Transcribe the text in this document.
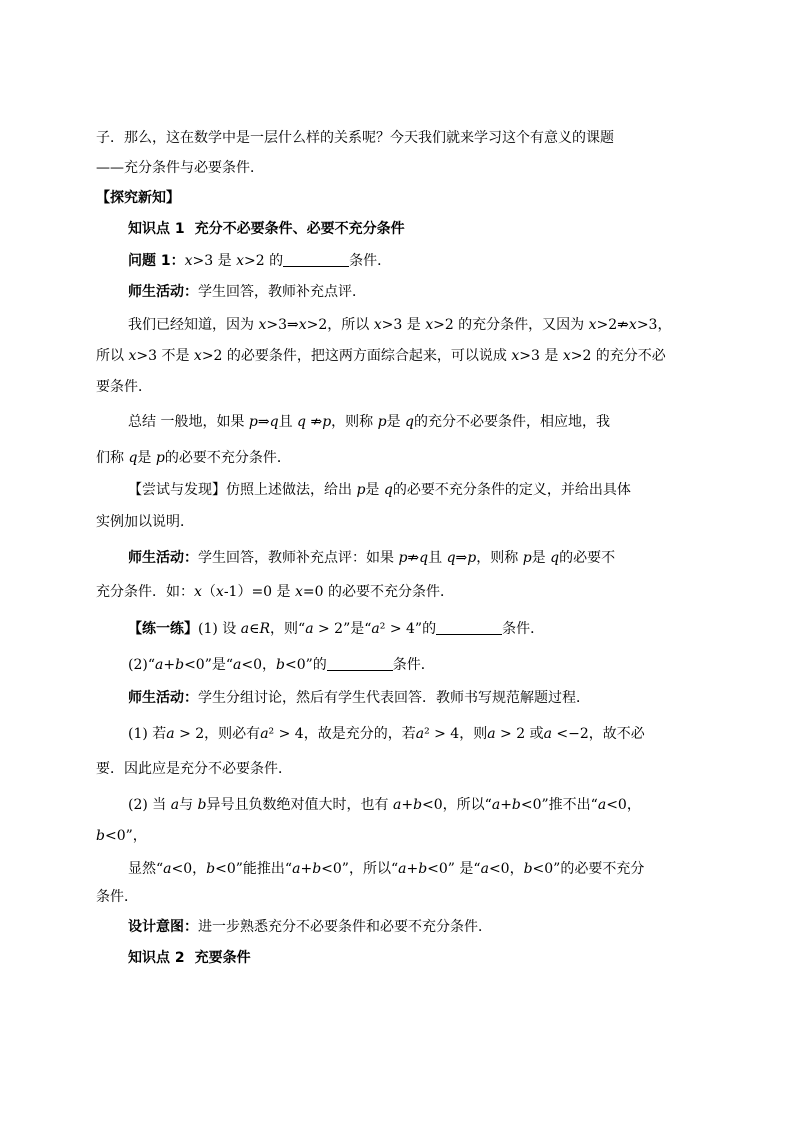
子．那么，这在数学中是一层什么样的关系呢？今天我们就来学习这个有意义的课题
——充分条件与必要条件．
【探究新知】
知识点 1 充分不必要条件、必要不充分条件
问题 1：x>3 是 x>2 的	条件．
师生活动：学生回答，教师补充点评．
我们已经知道，因为 x>3⇒x>2，所以 x>3 是 x>2 的充分条件，又因为 x>2⇏x>3，
所以 x>3 不是 x>2 的必要条件，把这两方面综合起来，可以说成 x>3 是 x>2 的充分不必
要条件．
总结 一般地，如果 p⇒q且 q ⇏p，则称 p是 q的充分不必要条件，相应地，我
们称 q是 p的必要不充分条件．
【尝试与发现】仿照上述做法，给出 p是 q的必要不充分条件的定义，并给出具体
实例加以说明．
师生活动：学生回答，教师补充点评：如果 p⇏q且 q⇒p，则称 p是 q的必要不
充分条件．如：x（x-1）=0 是 x=0 的必要不充分条件．
【练一练】(1) 设 a∈R，则“a > 2”是“a² > 4”的	条件．
(2)“a+b<0”是“a<0，b<0”的	条件．
师生活动：学生分组讨论，然后有学生代表回答．教师书写规范解题过程．
(1) 若a > 2，则必有a² > 4，故是充分的，若a² > 4，则a > 2 或a <−2，故不必
要．因此应是充分不必要条件．
(2) 当 a与 b异号且负数绝对值大时，也有 a+b<0，所以“a+b<0”推不出“a<0，
b<0”，
显然“a<0，b<0”能推出“a+b<0”，所以“a+b<0” 是“a<0，b<0”的必要不充分
条件．
设计意图：进一步熟悉充分不必要条件和必要不充分条件．
知识点 2 充要条件
